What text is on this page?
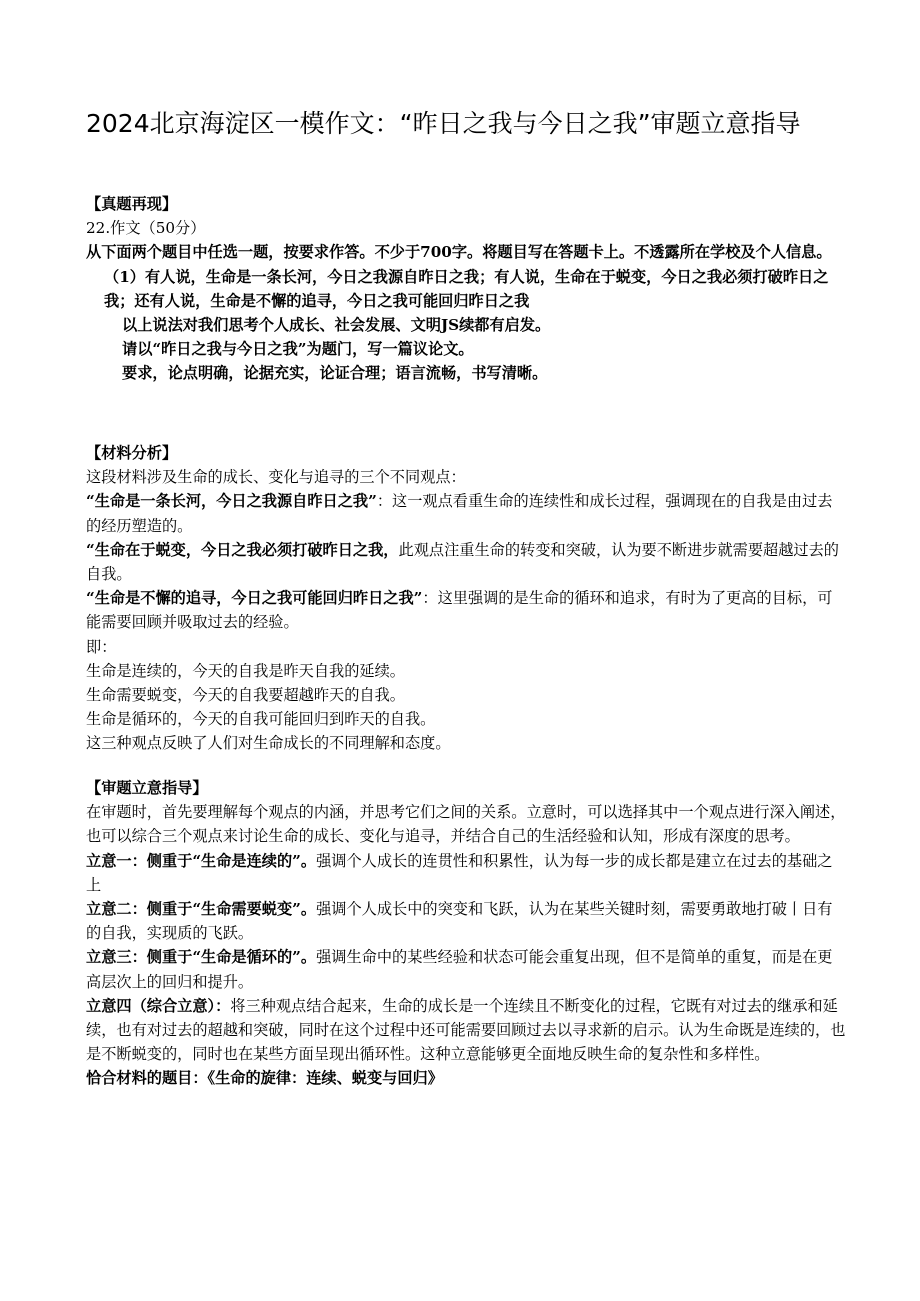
2024北京海淀区一模作文：“昨日之我与今日之我”审题立意指导

【真题再现】

22.作文（50分）

从下面两个题目中任选一题，按要求作答。不少于700字。将题目写在答题卡上。不透露所在学校及个人信息。

（1）有人说，生命是一条长河，今日之我源自昨日之我；有人说，生命在于蜕变，今日之我必须打破昨日之我；还有人说，生命是不懈的追寻，今日之我可能回归昨日之我

以上说法对我们思考个人成长、社会发展、文明JS续都有启发。

请以“昨日之我与今日之我”为题门，写一篇议论文。

要求，论点明确，论据充实，论证合理；语言流畅，书写清晰。

【材料分析】

这段材料涉及生命的成长、变化与追寻的三个不同观点：

“生命是一条长河，今日之我源自昨日之我”：这一观点看重生命的连续性和成长过程，强调现在的自我是由过去的经历塑造的。

“生命在于蜕变，今日之我必须打破昨日之我，此观点注重生命的转变和突破，认为要不断进步就需要超越过去的自我。

“生命是不懈的追寻，今日之我可能回归昨日之我”：这里强调的是生命的循环和追求，有时为了更高的目标，可能需要回顾并吸取过去的经验。

即：

生命是连续的，今天的自我是昨天自我的延续。

生命需要蜕变，今天的自我要超越昨天的自我。

生命是循环的，今天的自我可能回归到昨天的自我。

这三种观点反映了人们对生命成长的不同理解和态度。

【审题立意指导】

在审题时，首先要理解每个观点的内涵，并思考它们之间的关系。立意时，可以选择其中一个观点进行深入阐述，也可以综合三个观点来讨论生命的成长、变化与追寻，并结合自己的生活经验和认知，形成有深度的思考。

立意一：侧重于“生命是连续的”。强调个人成长的连贯性和积累性，认为每一步的成长都是建立在过去的基础之上

立意二：侧重于“生命需要蜕变”。强调个人成长中的突变和飞跃，认为在某些关键时刻，需要勇敢地打破丨日有的自我，实现质的飞跃。

立意三：侧重于“生命是循环的”。强调生命中的某些经验和状态可能会重复出现，但不是简单的重复，而是在更高层次上的回归和提升。

立意四（综合立意）：将三种观点结合起来，生命的成长是一个连续且不断变化的过程，它既有对过去的继承和延续，也有对过去的超越和突破，同时在这个过程中还可能需要回顾过去以寻求新的启示。认为生命既是连续的，也是不断蜕变的，同时也在某些方面呈现出循环性。这种立意能够更全面地反映生命的复杂性和多样性。

恰合材料的题目：《生命的旋律：连续、蜕变与回归》
